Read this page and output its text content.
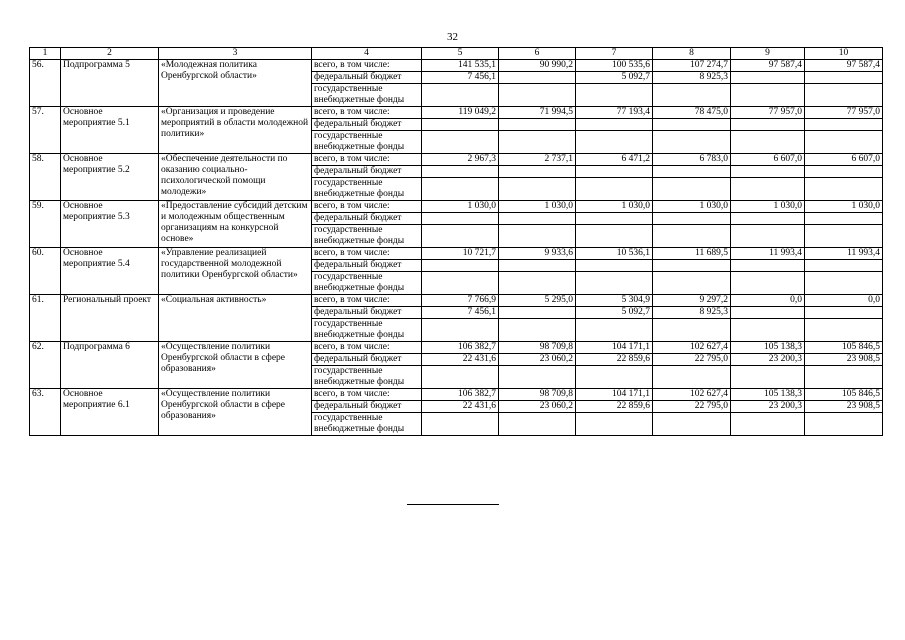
32
1	2	3	4	5	6	7	8	9	10
56.	Подпрограмма 5	«Молодежная политика Оренбургской области»	всего, в том числе:	141 535,1	90 990,2	100 535,6	107 274,7	97 587,4	97 587,4
			федеральный бюджет	7 456,1		5 092,7	8 925,3		
			государственные внебюджетные фонды						
57.	Основное мероприятие 5.1	«Организация и проведение мероприятий в области молодежной политики»	всего, в том числе:	119 049,2	71 994,5	77 193,4	78 475,0	77 957,0	77 957,0
			федеральный бюджет						
			государственные внебюджетные фонды						
58.	Основное мероприятие 5.2	«Обеспечение деятельности по оказанию социально-психологической помощи молодежи»	всего, в том числе:	2 967,3	2 737,1	6 471,2	6 783,0	6 607,0	6 607,0
			федеральный бюджет						
			государственные внебюджетные фонды						
59.	Основное мероприятие 5.3	«Предоставление субсидий детским и молодежным общественным организациям на конкурсной основе»	всего, в том числе:	1 030,0	1 030,0	1 030,0	1 030,0	1 030,0	1 030,0
			федеральный бюджет						
			государственные внебюджетные фонды						
60.	Основное мероприятие 5.4	«Управление реализацией государственной молодежной политики Оренбургской области»	всего, в том числе:	10 721,7	9 933,6	10 536,1	11 689,5	11 993,4	11 993,4
			федеральный бюджет						
			государственные внебюджетные фонды						
61.	Региональный проект	«Социальная активность»	всего, в том числе:	7 766,9	5 295,0	5 304,9	9 297,2	0,0	0,0
			федеральный бюджет	7 456,1		5 092,7	8 925,3		
			государственные внебюджетные фонды						
62.	Подпрограмма 6	«Осуществление политики Оренбургской области в сфере образования»	всего, в том числе:	106 382,7	98 709,8	104 171,1	102 627,4	105 138,3	105 846,5
			федеральный бюджет	22 431,6	23 060,2	22 859,6	22 795,0	23 200,3	23 908,5
			государственные внебюджетные фонды						
63.	Основное мероприятие 6.1	«Осуществление политики Оренбургской области в сфере образования»	всего, в том числе:	106 382,7	98 709,8	104 171,1	102 627,4	105 138,3	105 846,5
			федеральный бюджет	22 431,6	23 060,2	22 859,6	22 795,0	23 200,3	23 908,5
			государственные внебюджетные фонды						
